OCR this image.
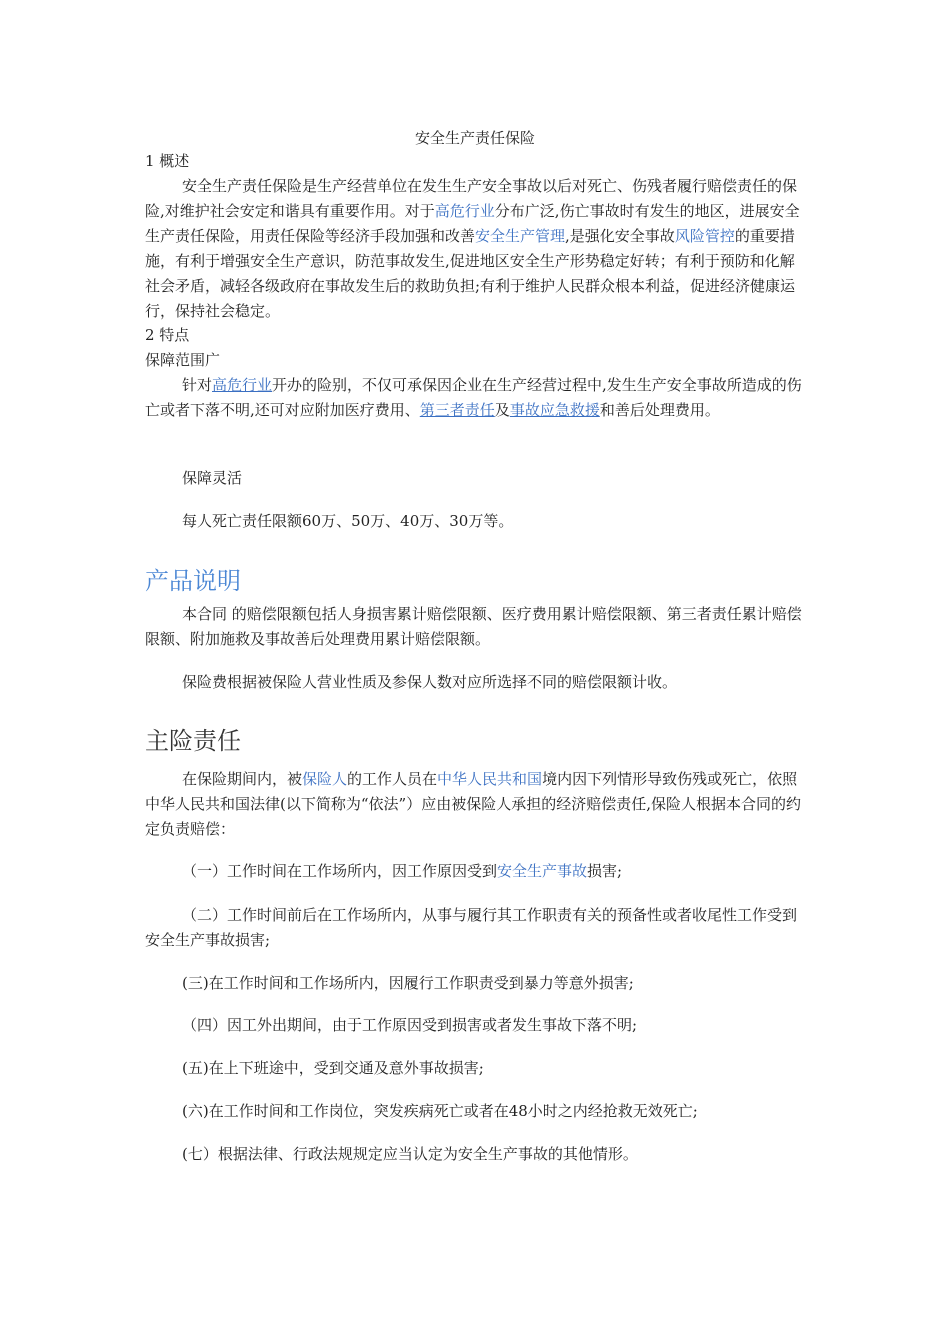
安全生产责任保险
1 概述
安全生产责任保险是生产经营单位在发生生产安全事故以后对死亡、伤残者履行赔偿责任的保险,对维护社会安定和谐具有重要作用。对于高危行业分布广泛,伤亡事故时有发生的地区，进展安全生产责任保险，用责任保险等经济手段加强和改善安全生产管理,是强化安全事故风险管控的重要措施，有利于增强安全生产意识，防范事故发生,促进地区安全生产形势稳定好转；有利于预防和化解社会矛盾，减轻各级政府在事故发生后的救助负担;有利于维护人民群众根本利益，促进经济健康运行，保持社会稳定。
2 特点
保障范围广
针对高危行业开办的险别，不仅可承保因企业在生产经营过程中,发生生产安全事故所造成的伤亡或者下落不明,还可对应附加医疗费用、第三者责任及事故应急救援和善后处理费用。
保障灵活
每人死亡责任限额60万、50万、40万、30万等。
产品说明
本合同 的赔偿限额包括人身损害累计赔偿限额、医疗费用累计赔偿限额、第三者责任累计赔偿限额、附加施救及事故善后处理费用累计赔偿限额。
保险费根据被保险人营业性质及参保人数对应所选择不同的赔偿限额计收。
主险责任
在保险期间内，被保险人的工作人员在中华人民共和国境内因下列情形导致伤残或死亡，依照中华人民共和国法律(以下简称为“依法”）应由被保险人承担的经济赔偿责任,保险人根据本合同的约定负责赔偿：
（一）工作时间在工作场所内，因工作原因受到安全生产事故损害;
（二）工作时间前后在工作场所内，从事与履行其工作职责有关的预备性或者收尾性工作受到安全生产事故损害;
(三)在工作时间和工作场所内，因履行工作职责受到暴力等意外损害;
（四）因工外出期间，由于工作原因受到损害或者发生事故下落不明;
(五)在上下班途中，受到交通及意外事故损害;
(六)在工作时间和工作岗位，突发疾病死亡或者在48小时之内经抢救无效死亡;
(七）根据法律、行政法规规定应当认定为安全生产事故的其他情形。
